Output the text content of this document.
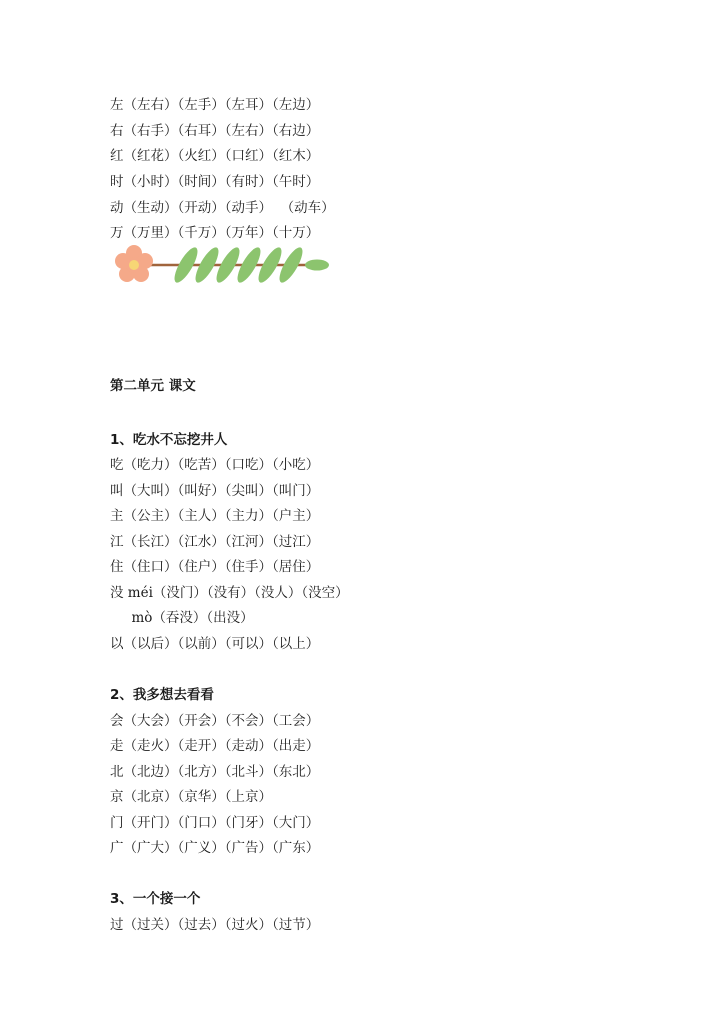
左（左右）（左手）（左耳）（左边）
右（右手）（右耳）（左右）（右边）
红（红花）（火红）（口红）（红木）
时（小时）（时间）（有时）（午时）
动（生动）（开动）（动手）  （动车）
万（万里）（千万）（万年）（十万）
第二单元 课文
1、吃水不忘挖井人
吃（吃力）（吃苦）（口吃）（小吃）
叫（大叫）（叫好）（尖叫）（叫门）
主（公主）（主人）（主力）（户主）
江（长江）（江水）（江河）（过江）
住（住口）（住户）（住手）（居住）
没 méi（没门）（没有）（没人）（没空）
mò（吞没）（出没）
以（以后）（以前）（可以）（以上）
2、我多想去看看
会（大会）（开会）（不会）（工会）
走（走火）（走开）（走动）（出走）
北（北边）（北方）（北斗）（东北）
京（北京）（京华）（上京）
门（开门）（门口）（门牙）（大门）
广（广大）（广义）（广告）（广东）
3、一个接一个
过（过关）（过去）（过火）（过节）
